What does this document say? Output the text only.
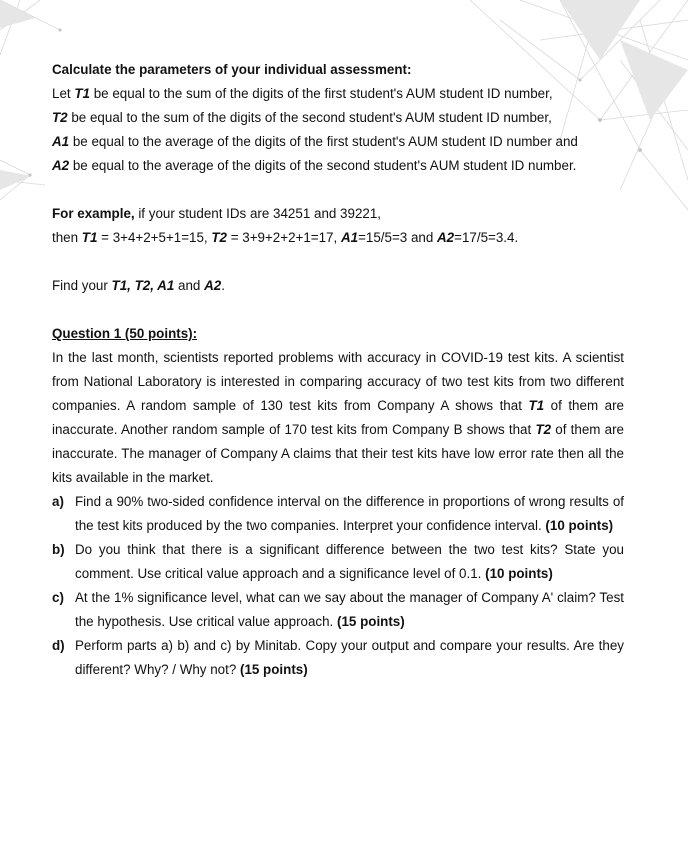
Calculate the parameters of your individual assessment:
Let T1 be equal to the sum of the digits of the first student's AUM student ID number,
T2 be equal to the sum of the digits of the second student's AUM student ID number,
A1 be equal to the average of the digits of the first student's AUM student ID number and
A2 be equal to the average of the digits of the second student's AUM student ID number.
For example, if your student IDs are 34251 and 39221,
then T1 = 3+4+2+5+1=15, T2 = 3+9+2+2+1=17, A1=15/5=3 and A2=17/5=3.4.
Find your T1, T2, A1 and A2.
Question 1 (50 points):
In the last month, scientists reported problems with accuracy in COVID-19 test kits. A scientist from National Laboratory is interested in comparing accuracy of two test kits from two different companies. A random sample of 130 test kits from Company A shows that T1 of them are inaccurate. Another random sample of 170 test kits from Company B shows that T2 of them are inaccurate. The manager of Company A claims that their test kits have low error rate then all the kits available in the market.
a) Find a 90% two-sided confidence interval on the difference in proportions of wrong results of the test kits produced by the two companies. Interpret your confidence interval. (10 points)
b) Do you think that there is a significant difference between the two test kits? State you comment. Use critical value approach and a significance level of 0.1. (10 points)
c) At the 1% significance level, what can we say about the manager of Company A' claim? Test the hypothesis. Use critical value approach. (15 points)
d) Perform parts a) b) and c) by Minitab. Copy your output and compare your results. Are they different? Why? / Why not? (15 points)
